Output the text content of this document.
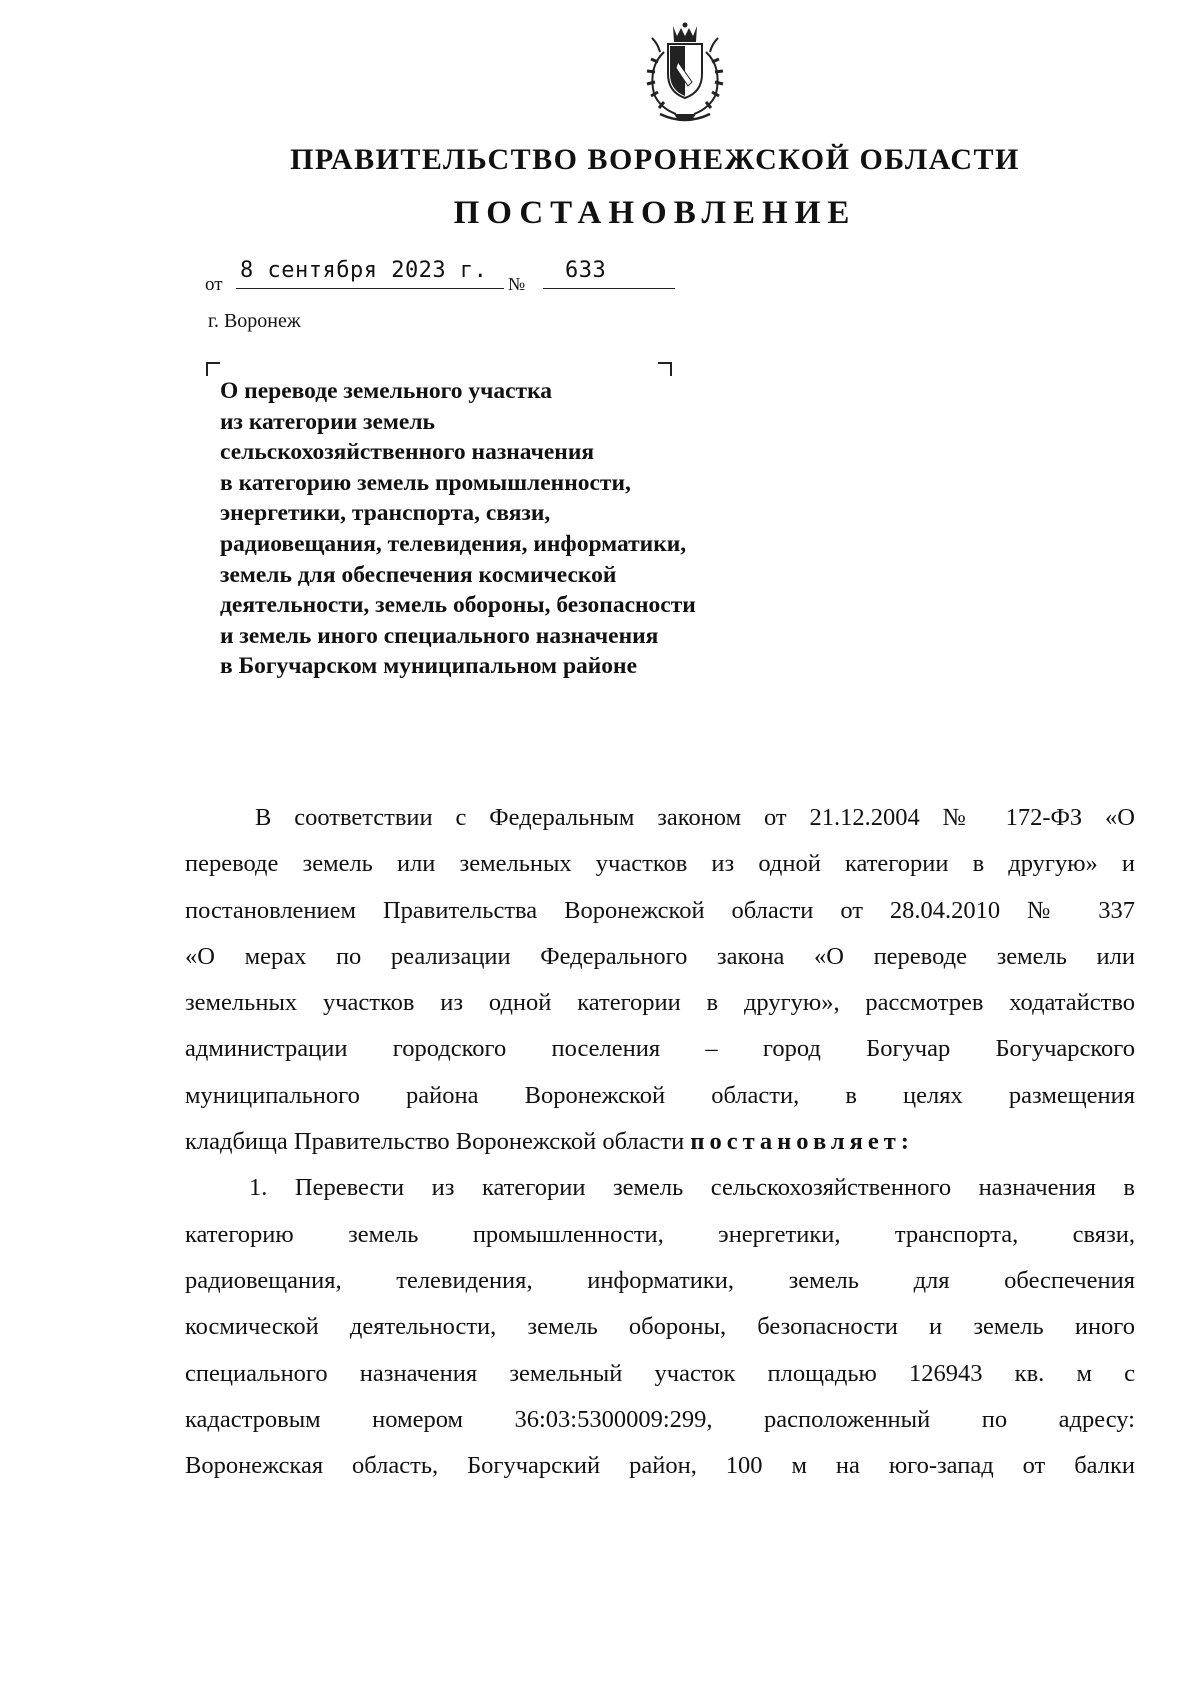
ПРАВИТЕЛЬСТВО ВОРОНЕЖСКОЙ ОБЛАСТИ
ПОСТАНОВЛЕНИЕ
от
8 сентября 2023 г.
№
633
г. Воронеж
О переводе земельного участка
из категории земель
сельскохозяйственного назначения
в категорию земель промышленности,
энергетики, транспорта, связи,
радиовещания, телевидения, информатики,
земель для обеспечения космической
деятельности, земель обороны, безопасности
и земель иного специального назначения
в Богучарском муниципальном районе
В соответствии с Федеральным законом от 21.12.2004 № 172-ФЗ «О
переводе земель или земельных участков из одной категории в другую» и
постановлением Правительства Воронежской области от 28.04.2010 № 337
«О мерах по реализации Федерального закона «О переводе земель или
земельных участков из одной категории в другую», рассмотрев ходатайство
администрации городского поселения – город Богучар Богучарского
муниципального района Воронежской области, в целях размещения
кладбища Правительство Воронежской области постановляет:
1. Перевести из категории земель сельскохозяйственного назначения в
категорию земель промышленности, энергетики, транспорта, связи,
радиовещания, телевидения, информатики, земель для обеспечения
космической деятельности, земель обороны, безопасности и земель иного
специального назначения земельный участок площадью 126943 кв. м с
кадастровым номером 36:03:5300009:299, расположенный по адресу:
Воронежская область, Богучарский район, 100 м на юго-запад от балки
